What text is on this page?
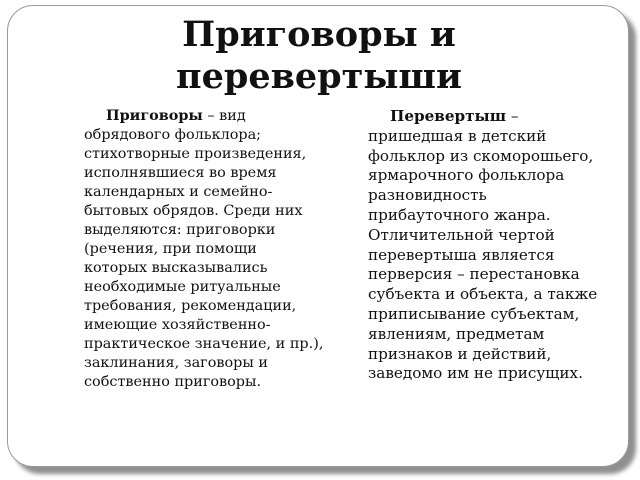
Приговоры и
перевертыши

Приговоры – вид обрядового фольклора; стихотворные произведения, исполнявшиеся во время календарных и семейно-бытовых обрядов. Среди них выделяются: приговорки (речения, при помощи которых высказывались необходимые ритуальные требования, рекомендации, имеющие хозяйственно-практическое значение, и пр.), заклинания, заговоры и собственно приговоры.

Перевертыш – пришедшая в детский фольклор из скоморошьего, ярмарочного фольклора разновидность прибауточного жанра. Отличительной чертой перевертыша является перверсия – перестановка субъекта и объекта, а также приписывание субъектам, явлениям, предметам признаков и действий, заведомо им не присущих.
